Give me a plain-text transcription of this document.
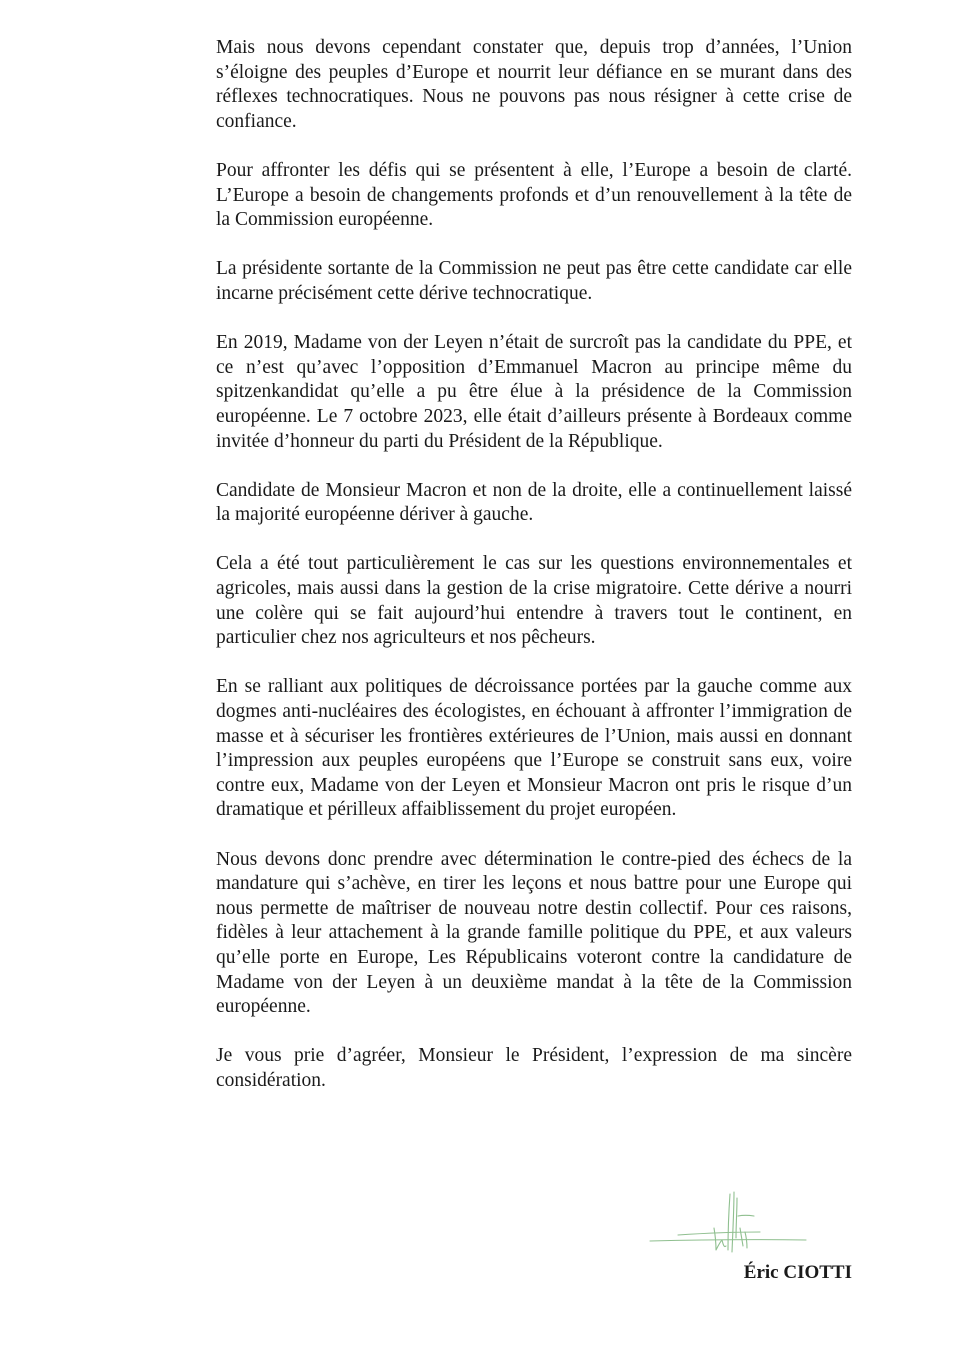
Mais nous devons cependant constater que, depuis trop d’années, l’Union s’éloigne des peuples d’Europe et nourrit leur défiance en se murant dans des réflexes technocratiques. Nous ne pouvons pas nous résigner à cette crise de confiance.

Pour affronter les défis qui se présentent à elle, l’Europe a besoin de clarté. L’Europe a besoin de changements profonds et d’un renouvellement à la tête de la Commission européenne.

La présidente sortante de la Commission ne peut pas être cette candidate car elle incarne précisément cette dérive technocratique.

En 2019, Madame von der Leyen n’était de surcroît pas la candidate du PPE, et ce n’est qu’avec l’opposition d’Emmanuel Macron au principe même du spitzenkandidat qu’elle a pu être élue à la présidence de la Commission européenne. Le 7 octobre 2023, elle était d’ailleurs présente à Bordeaux comme invitée d’honneur du parti du Président de la République.

Candidate de Monsieur Macron et non de la droite, elle a continuellement laissé la majorité européenne dériver à gauche.

Cela a été tout particulièrement le cas sur les questions environnementales et agricoles, mais aussi dans la gestion de la crise migratoire. Cette dérive a nourri une colère qui se fait aujourd’hui entendre à travers tout le continent, en particulier chez nos agriculteurs et nos pêcheurs.

En se ralliant aux politiques de décroissance portées par la gauche comme aux dogmes anti-nucléaires des écologistes, en échouant à affronter l’immigration de masse et à sécuriser les frontières extérieures de l’Union, mais aussi en donnant l’impression aux peuples européens que l’Europe se construit sans eux, voire contre eux, Madame von der Leyen et Monsieur Macron ont pris le risque d’un dramatique et périlleux affaiblissement du projet européen.

Nous devons donc prendre avec détermination le contre-pied des échecs de la mandature qui s’achève, en tirer les leçons et nous battre pour une Europe qui nous permette de maîtriser de nouveau notre destin collectif. Pour ces raisons, fidèles à leur attachement à la grande famille politique du PPE, et aux valeurs qu’elle porte en Europe, Les Républicains voteront contre la candidature de Madame von der Leyen à un deuxième mandat à la tête de la Commission européenne.

Je vous prie d’agréer, Monsieur le Président, l’expression de ma sincère considération.

Éric CIOTTI
